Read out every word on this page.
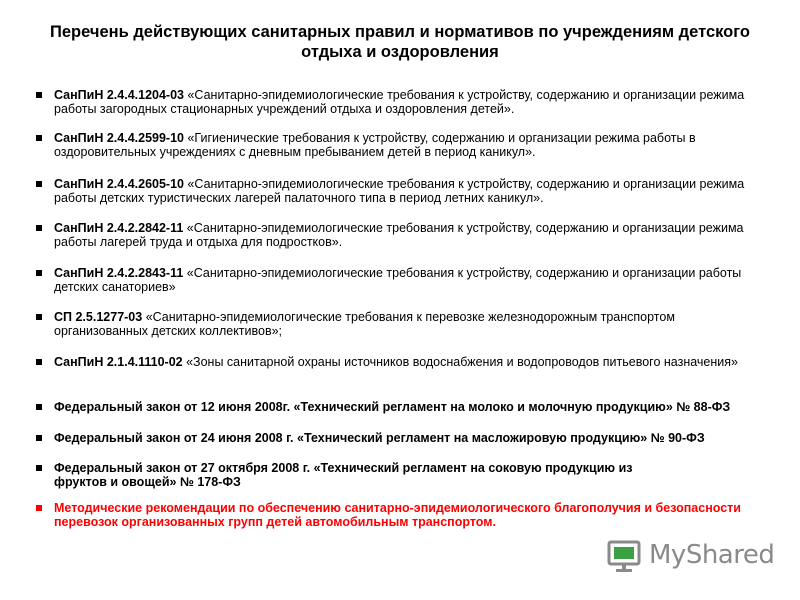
Перечень действующих санитарных правил и нормативов по учреждениям детского отдыха и оздоровления
СанПиН 2.4.4.1204-03 «Санитарно-эпидемиологические требования к устройству, содержанию и организации режима работы загородных стационарных учреждений отдыха и оздоровления детей».
СанПиН 2.4.4.2599-10 «Гигиенические требования к устройству, содержанию и организации режима работы в оздоровительных учреждениях с дневным пребыванием детей в период каникул».
СанПиН 2.4.4.2605-10 «Санитарно-эпидемиологические требования к устройству, содержанию и организации режима работы детских туристических лагерей палаточного типа в период летних каникул».
СанПиН 2.4.2.2842-11 «Санитарно-эпидемиологические требования к устройству, содержанию и организации режима работы лагерей труда и отдыха для подростков».
СанПиН 2.4.2.2843-11 «Санитарно-эпидемиологические требования к устройству, содержанию и организации работы детских санаториев»
СП 2.5.1277-03 «Санитарно-эпидемиологические требования к перевозке железнодорожным транспортом организованных детских коллективов»;
СанПиН 2.1.4.1110-02 «Зоны санитарной охраны источников водоснабжения и водопроводов питьевого назначения»
Федеральный закон от 12 июня 2008г. «Технический регламент на молоко и молочную продукцию» № 88-ФЗ
Федеральный закон от 24 июня 2008 г. «Технический регламент на масложировую продукцию» № 90-ФЗ
Федеральный закон от 27 октября 2008 г. «Технический регламент на соковую продукцию из фруктов и овощей» № 178-ФЗ
Методические рекомендации по обеспечению санитарно-эпидемиологического благополучия и безопасности перевозок организованных групп детей автомобильным транспортом.
MyShared
